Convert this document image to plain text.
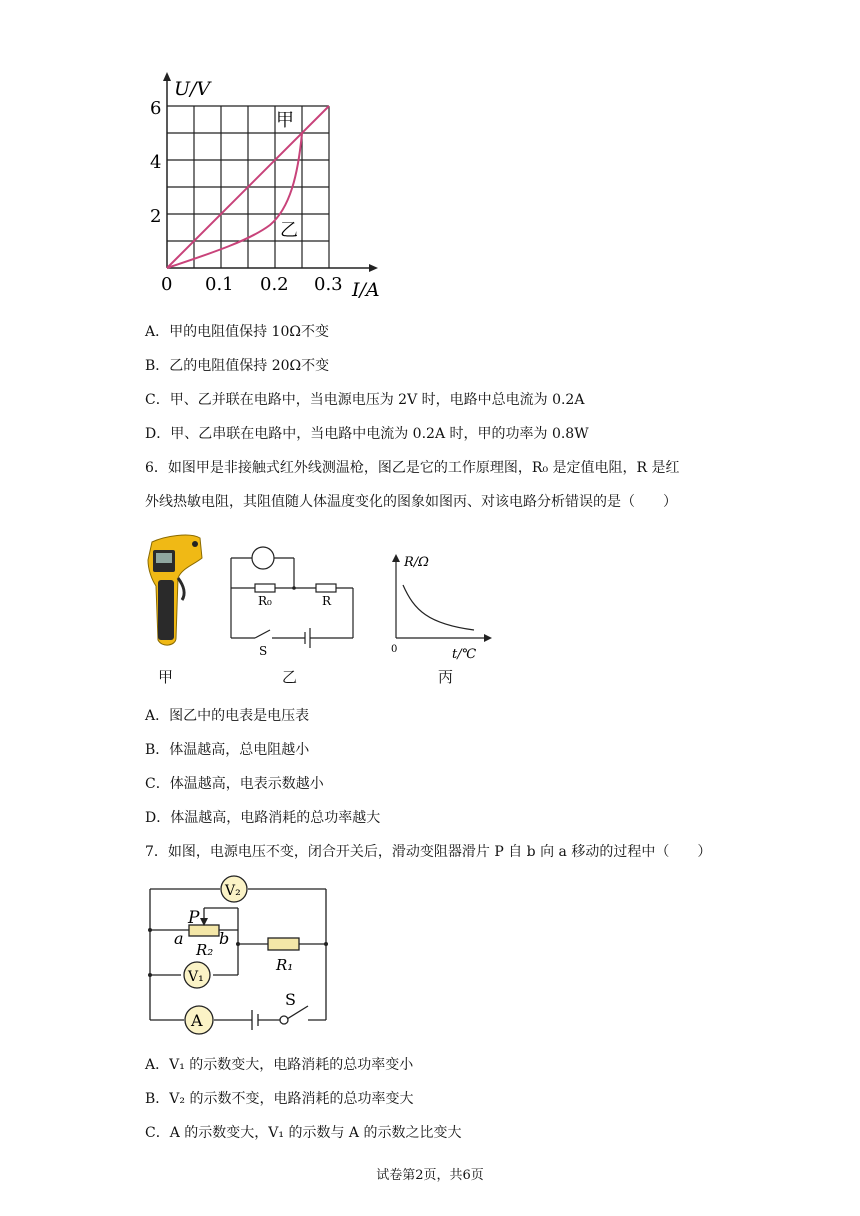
U/V
I/A
6
4
2
0 0.1 0.2 0.3
甲
乙
A．甲的电阻值保持 10Ω不变
B．乙的电阻值保持 20Ω不变
C．甲、乙并联在电路中，当电源电压为 2V 时，电路中总电流为 0.2A
D．甲、乙串联在电路中，当电路中电流为 0.2A 时，甲的功率为 0.8W
6．如图甲是非接触式红外线测温枪，图乙是它的工作原理图，R₀ 是定值电阻，R 是红
外线热敏电阻，其阻值随人体温度变化的图象如图丙、对该电路分析错误的是（　　）
R₀	R
S
R/Ω
t/℃
0
甲	乙	丙
A．图乙中的电表是电压表
B．体温越高，总电阻越小
C．体温越高，电表示数越小
D．体温越高，电路消耗的总功率越大
7．如图，电源电压不变，闭合开关后，滑动变阻器滑片 P 自 b 向 a 移动的过程中（　　）
V₂
V₁
A
P
a b
R₂
R₁
S
A．V₁ 的示数变大，电路消耗的总功率变小
B．V₂ 的示数不变，电路消耗的总功率变大
C．A 的示数变大，V₁ 的示数与 A 的示数之比变大
试卷第2页，共6页
